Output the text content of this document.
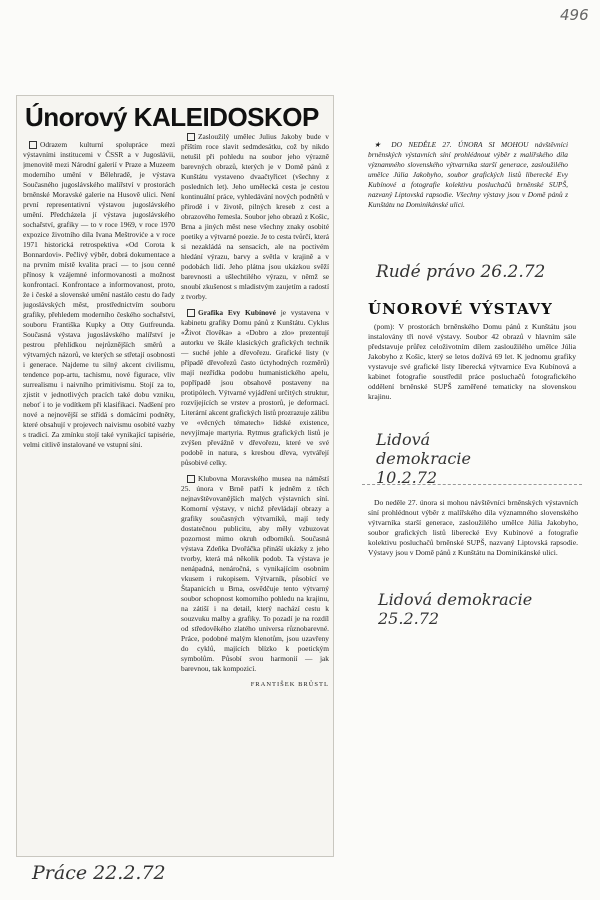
496
Únorový KALEIDOSKOP

Odrazem kulturní spolupráce mezi výstavními institucemi v ČSSR a v Jugoslávii, jmenovitě mezi Národní galerií v Praze a Muzeem moderního umění v Bělehradě, je výstava Současného jugoslávského malířství v prostorách brněnské Moravské galerie na Husově ulici. Není první representativní výstavou jugoslávského umění. Předcházela jí výstava jugoslávského sochařství, grafiky — to v roce 1969, v roce 1970 expozice životního díla Ivana Meštroviće a v roce 1971 historická retrospektiva «Od Corota k Bonnardovi». Pečlivý výběr, dobrá dokumentace a na prvním místě kvalita prací — to jsou cenné přínosy k vzájemné informovanosti a možnost konfrontací. Konfrontace a informovanost, proto, že i české a slovenské umění nastálo cestu do řady jugoslávských měst, prostřednictvím souboru grafiky, přehledem moderního českého sochařství, souboru Františka Kupky a Otty Gutfreunda. Současná výstava jugoslávského malířství je pestrou přehlídkou nejrůznějších směrů a výtvarných názorů, ve kterých se střetají osobnosti i generace. Najdeme tu silný akcent civilismu, tendence pop-artu, tachismu, nové figurace, vliv surrealismu i naivního primitivismu. Stojí za to, zjistit v jednotlivých pracích také dobu vzniku, neboť i to je vodítkem při klasifikaci. Nadšení pro nové a nejnovější se střídá s domácími podněty, které obsahují v projevech naivismu osobité vazby s tradicí. Za zmínku stojí také vynikající tapisérie, velmi citlivě instalované ve vstupní síni.

Zasloužilý umělec Julius Jakoby bude v příštím roce slavit sedmdesátku, což by nikdo netušil při pohledu na soubor jeho výrazně barevných obrazů, kterých je v Domě pánů z Kunštátu vystaveno dvaačtyřicet (všechny z posledních let). Jeho umělecká cesta je cestou kontinuální práce, vyhledávání nových podnětů v přírodě i v životě, pilných kreseb z cest a obrazového řemesla. Soubor jeho obrazů z Košic, Brna a jiných měst nese všechny znaky osobité poetiky a výtvarné poezie. Je to cesta tvůrčí, která si nezakládá na sensacích, ale na poctivém hledání výrazu, barvy a světla v krajině a v podobách lidí. Jeho plátna jsou ukázkou svěží barevnosti a ušlechtilého výrazu, v němž se snoubí zkušenost s mladistvým zaujetím a radostí z tvorby.

Grafika Evy Kubínové je vystavena v kabinetu grafiky Domu pánů z Kunštátu. Cyklus «Život člověka» a «Dobro a zlo» prezentují autorku ve škále klasických grafických technik — suché jehle a dřevořezu. Grafické listy (v případě dřevořezů často úctyhodných rozměrů) mají nezřídka podobu humanistického apelu, popřípadě jsou obsahově postaveny na protipólech. Výtvarné vyjádření určitých struktur, rozvíjejících se vrstev a prostorů, je deformací. Literární akcent grafických listů prozrazuje zálibu ve «věcných tématech» lidské existence, nevyjímaje martyria. Rytmus grafických listů je zvýšen převážně v dřevořezu, které ve své podobě in natura, s kresbou dřeva, vytvářejí působivé celky.

Klubovna Moravského musea na náměstí 25. února v Brně patří k jedněm z těch nejnavštěvovanějších malých výstavních síní. Komorní výstavy, v nichž převládají obrazy a grafiky současných výtvarníků, mají tedy dostatečnou publicitu, aby měly vzbuzovat pozornost mimo okruh odborníků. Současná výstava Zdeňka Dvořáčka přináší ukázky z jeho tvorby, která má několik podob. Ta výstava je nenápadná, nenáročná, s vynikajícím osobním vkusem i rukopisem. Výtvarník, působící ve Štapanicích u Brna, osvědčuje tento výtvarný soubor schopnost komorního pohledu na krajinu, na zátiší i na detail, který nachází cestu k souzvuku malby a grafiky. To pozadí je na rozdíl od středověkého zlatého universa různobarevné. Práce, podobné malým klenotům, jsou uzavřeny do cyklů, majících blízko k poetickým symbolům. Působí svou harmonií — jak barevnou, tak kompozicí.

FRANTIŠEK BRŮSTL
Práce 22.2.72

★ DO NEDĚLE 27. ÚNORA SI MOHOU návštěvníci brněnských výstavních síní prohlédnout výběr z malířského díla významného slovenského výtvarníka starší generace, zasloužilého umělce Júlia Jakobyho, soubor grafických listů liberecké Evy Kubínové a fotografie kolektivu posluchačů brněnské SUPŠ, nazvaný Liptovská rapsodie. Všechny výstavy jsou v Domě pánů z Kunštátu na Dominikánské ulici.

Rudé právo 26.2.72
ÚNOROVÉ VÝSTAVY

(pom): V prostorách brněnského Domu pánů z Kunštátu jsou instalovány tři nové výstavy. Soubor 42 obrazů v hlavním sále představuje průřez celoživotním dílem zasloužilého umělce Júlia Jakobyho z Košic, který se letos dožívá 69 let. K jednomu grafiky vystavuje své grafické listy liberecká výtvarnice Eva Kubínová a kabinet fotografie soustředil práce posluchačů fotografického oddělení brněnské SUPŠ zaměřené tematicky na slovenskou krajinu.

Lidová demokracie 10.2.72

Do neděle 27. února si mohou návštěvníci brněnských výstavních síní prohlédnout výběr z malířského díla významného slovenského výtvarníka starší generace, zasloužilého umělce Júlia Jakobyho, soubor grafických listů liberecké Evy Kubínové a fotografie kolektivu posluchačů brněnské SUPŠ, nazvaný Liptovská rapsodie. Výstavy jsou v Domě pánů z Kunštátu na Dominikánské ulici.

Lidová demokracie 25.2.72
